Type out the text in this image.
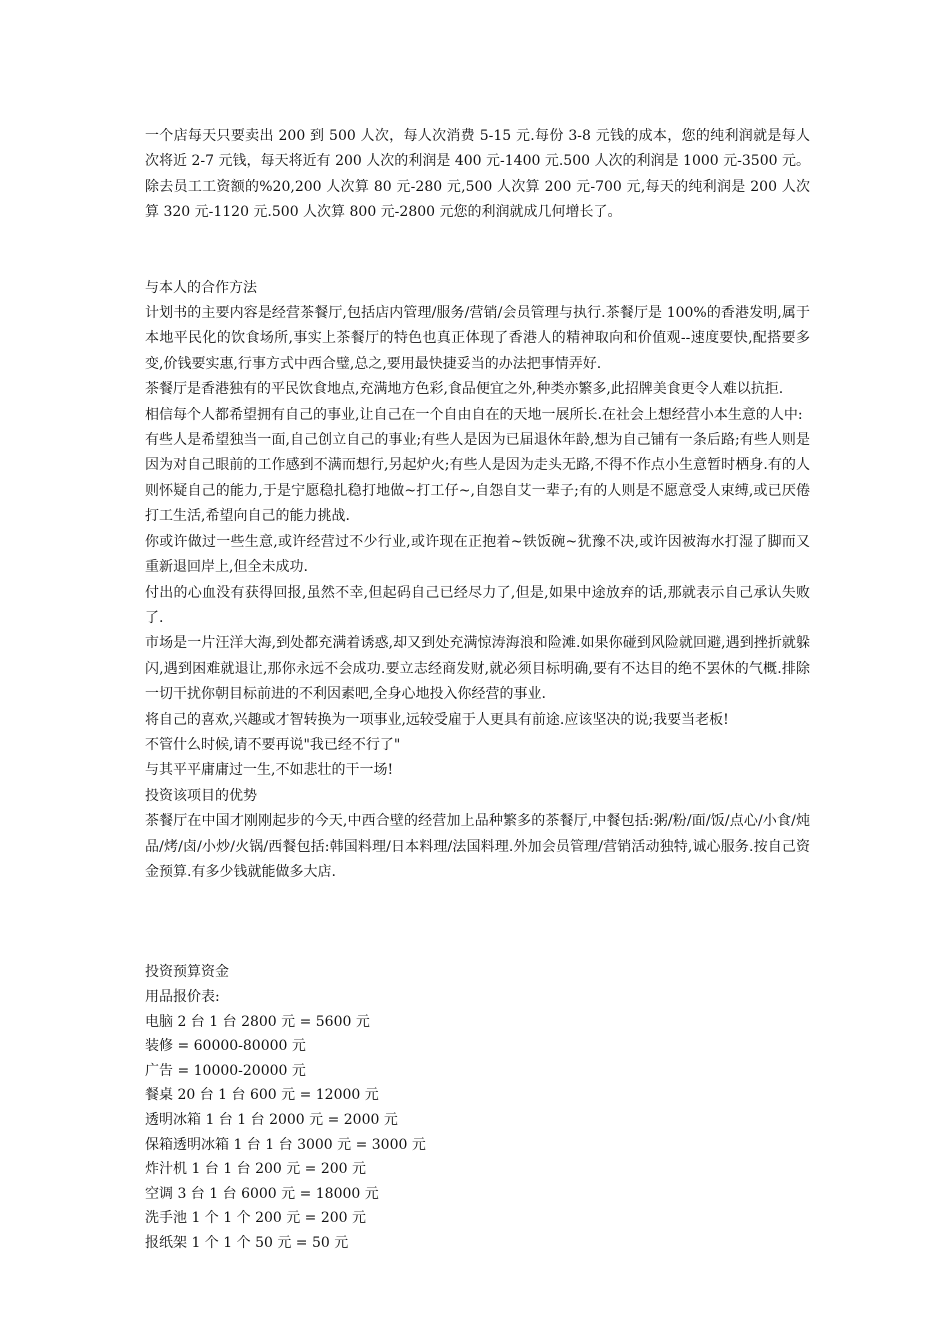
一个店每天只要卖出 200 到 500 人次，每人次消费 5-15 元.每份 3-8 元钱的成本，您的纯利润就是每人次将近 2-7 元钱，每天将近有 200 人次的利润是 400 元-1400 元.500 人次的利润是 1000 元-3500 元。除去员工工资额的%20,200 人次算 80 元-280 元,500 人次算 200 元-700 元,每天的纯利润是 200 人次算 320 元-1120 元.500 人次算 800 元-2800 元您的利润就成几何增长了。

与本人的合作方法

计划书的主要内容是经营茶餐厅,包括店内管理/服务/营销/会员管理与执行.茶餐厅是 100%的香港发明,属于本地平民化的饮食场所,事实上茶餐厅的特色也真正体现了香港人的精神取向和价值观--速度要快,配搭要多变,价钱要实惠,行事方式中西合璧,总之,要用最快捷妥当的办法把事情弄好.

茶餐厅是香港独有的平民饮食地点,充满地方色彩,食品便宜之外,种类亦繁多,此招牌美食更令人难以抗拒.

相信每个人都希望拥有自己的事业,让自己在一个自由自在的天地一展所长.在社会上想经营小本生意的人中:

有些人是希望独当一面,自己创立自己的事业;有些人是因为已届退休年龄,想为自己铺有一条后路;有些人则是因为对自己眼前的工作感到不满而想行,另起炉火;有些人是因为走头无路,不得不作点小生意暂时栖身.有的人则怀疑自己的能力,于是宁愿稳扎稳打地做~打工仔~,自怨自艾一辈子;有的人则是不愿意受人束缚,或已厌倦打工生活,希望向自己的能力挑战.

你或许做过一些生意,或许经营过不少行业,或许现在正抱着~铁饭碗~犹豫不决,或许因被海水打湿了脚而又重新退回岸上,但全未成功.

付出的心血没有获得回报,虽然不幸,但起码自己已经尽力了,但是,如果中途放弃的话,那就表示自己承认失败了.

市场是一片汪洋大海,到处都充满着诱惑,却又到处充满惊涛海浪和险滩.如果你碰到风险就回避,遇到挫折就躲闪,遇到困难就退让,那你永远不会成功.要立志经商发财,就必须目标明确,要有不达目的绝不罢休的气概.排除一切干扰你朝目标前进的不利因素吧,全身心地投入你经营的事业.

将自己的喜欢,兴趣或才智转换为一项事业,远较受雇于人更具有前途.应该坚决的说;我要当老板!

不管什么时候,请不要再说"我已经不行了"

与其平平庸庸过一生,不如悲壮的干一场!

投资该项目的优势

茶餐厅在中国才刚刚起步的今天,中西合壁的经营加上品种繁多的茶餐厅,中餐包括:粥/粉/面/饭/点心/小食/炖品/烤/卤/小炒/火锅/西餐包括:韩国料理/日本料理/法国料理.外加会员管理/营销活动独特,诚心服务.按自己资金预算.有多少钱就能做多大店.

投资预算资金

用品报价表:

电脑 2 台 1 台 2800 元 = 5600 元

装修 = 60000-80000 元

广告 = 10000-20000 元

餐桌 20 台 1 台 600 元 = 12000 元

透明冰箱 1 台 1 台 2000 元 = 2000 元

保箱透明冰箱 1 台 1 台 3000 元 = 3000 元

炸汁机 1 台 1 台 200 元 = 200 元

空调 3 台 1 台 6000 元 = 18000 元

洗手池 1 个 1 个 200 元 = 200 元

报纸架 1 个 1 个 50 元 = 50 元
